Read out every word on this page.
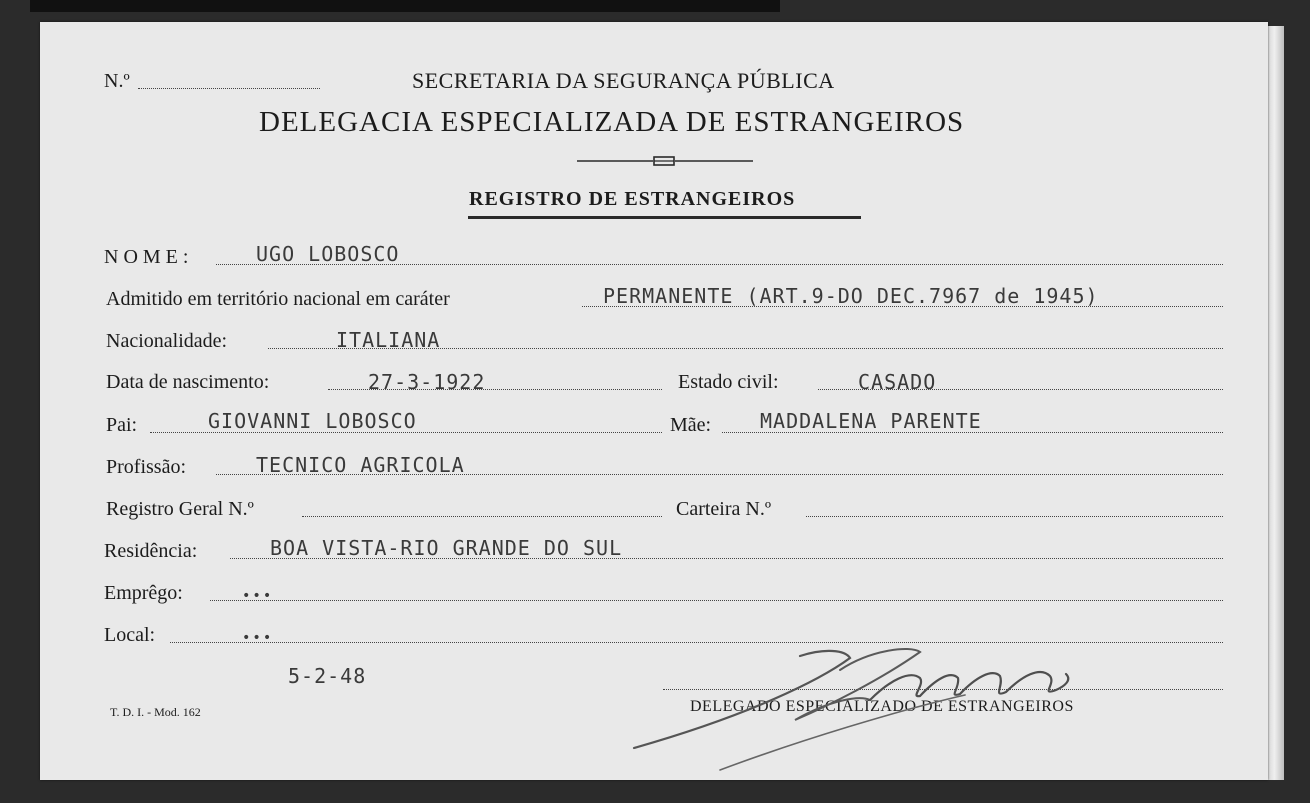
N.º	SECRETARIA DA SEGURANÇA PÚBLICA
DELEGACIA ESPECIALIZADA DE ESTRANGEIROS
REGISTRO DE ESTRANGEIROS
NOME:	UGO LOBOSCO
Admitido em território nacional em caráter	PERMANENTE (ART.9-DO DEC.7967 de 1945)
Nacionalidade:	ITALIANA
Data de nascimento:	27-3-1922	Estado civil:	CASADO
Pai:	GIOVANNI LOBOSCO	Mãe: MADDALENA PARENTE
Profissão:	TECNICO AGRICOLA
Registro Geral N.º	Carteira N.º
Residência:	BOA VISTA-RIO GRANDE DO SUL
Emprêgo:	•••
Local:	•••
5-2-48
T. D. I. - Mod. 162	DELEGADO ESPECIALIZADO DE ESTRANGEIROS
